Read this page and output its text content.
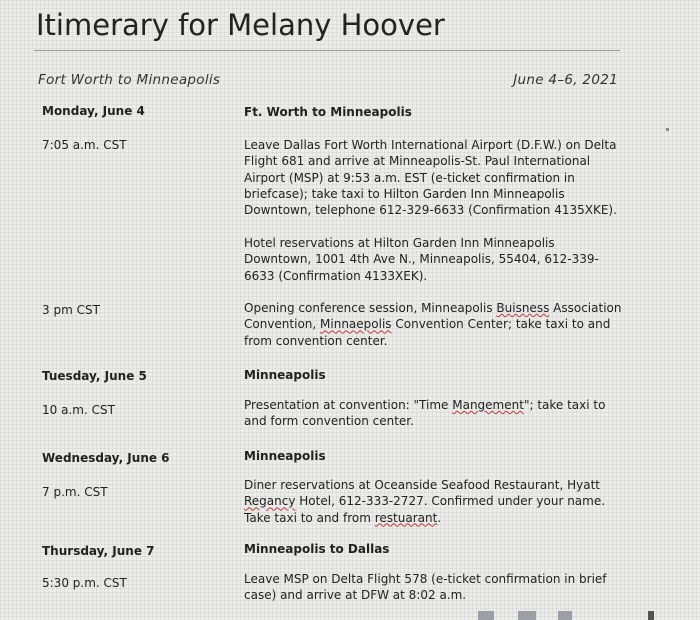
Itimerary for Melany Hoover
Fort Worth to Minneapolis	June 4–6, 2021
Monday, June 4	Ft. Worth to Minneapolis
7:05 a.m. CST	Leave Dallas Fort Worth International Airport (D.F.W.) on Delta Flight 681 and arrive at Minneapolis-St. Paul International Airport (MSP) at 9:53 a.m. EST (e-ticket confirmation in briefcase); take taxi to Hilton Garden Inn Minneapolis Downtown, telephone 612-329-6633 (Confirmation 4135XKE).
Hotel reservations at Hilton Garden Inn Minneapolis Downtown, 1001 4th Ave N., Minneapolis, 55404, 612-339-6633 (Confirmation 4133XEK).
3 pm CST	Opening conference session, Minneapolis Buisness Association Convention, Minnaepolis Convention Center; take taxi to and from convention center.
Tuesday, June 5	Minneapolis
10 a.m. CST	Presentation at convention: "Time Mangement"; take taxi to and form convention center.
Wednesday, June 6	Minneapolis
7 p.m. CST	Diner reservations at Oceanside Seafood Restaurant, Hyatt Regancy Hotel, 612-333-2727. Confirmed under your name. Take taxi to and from restuarant.
Thursday, June 7	Minneapolis to Dallas
5:30 p.m. CST	Leave MSP on Delta Flight 578 (e-ticket confirmation in brief case) and arrive at DFW at 8:02 a.m.
